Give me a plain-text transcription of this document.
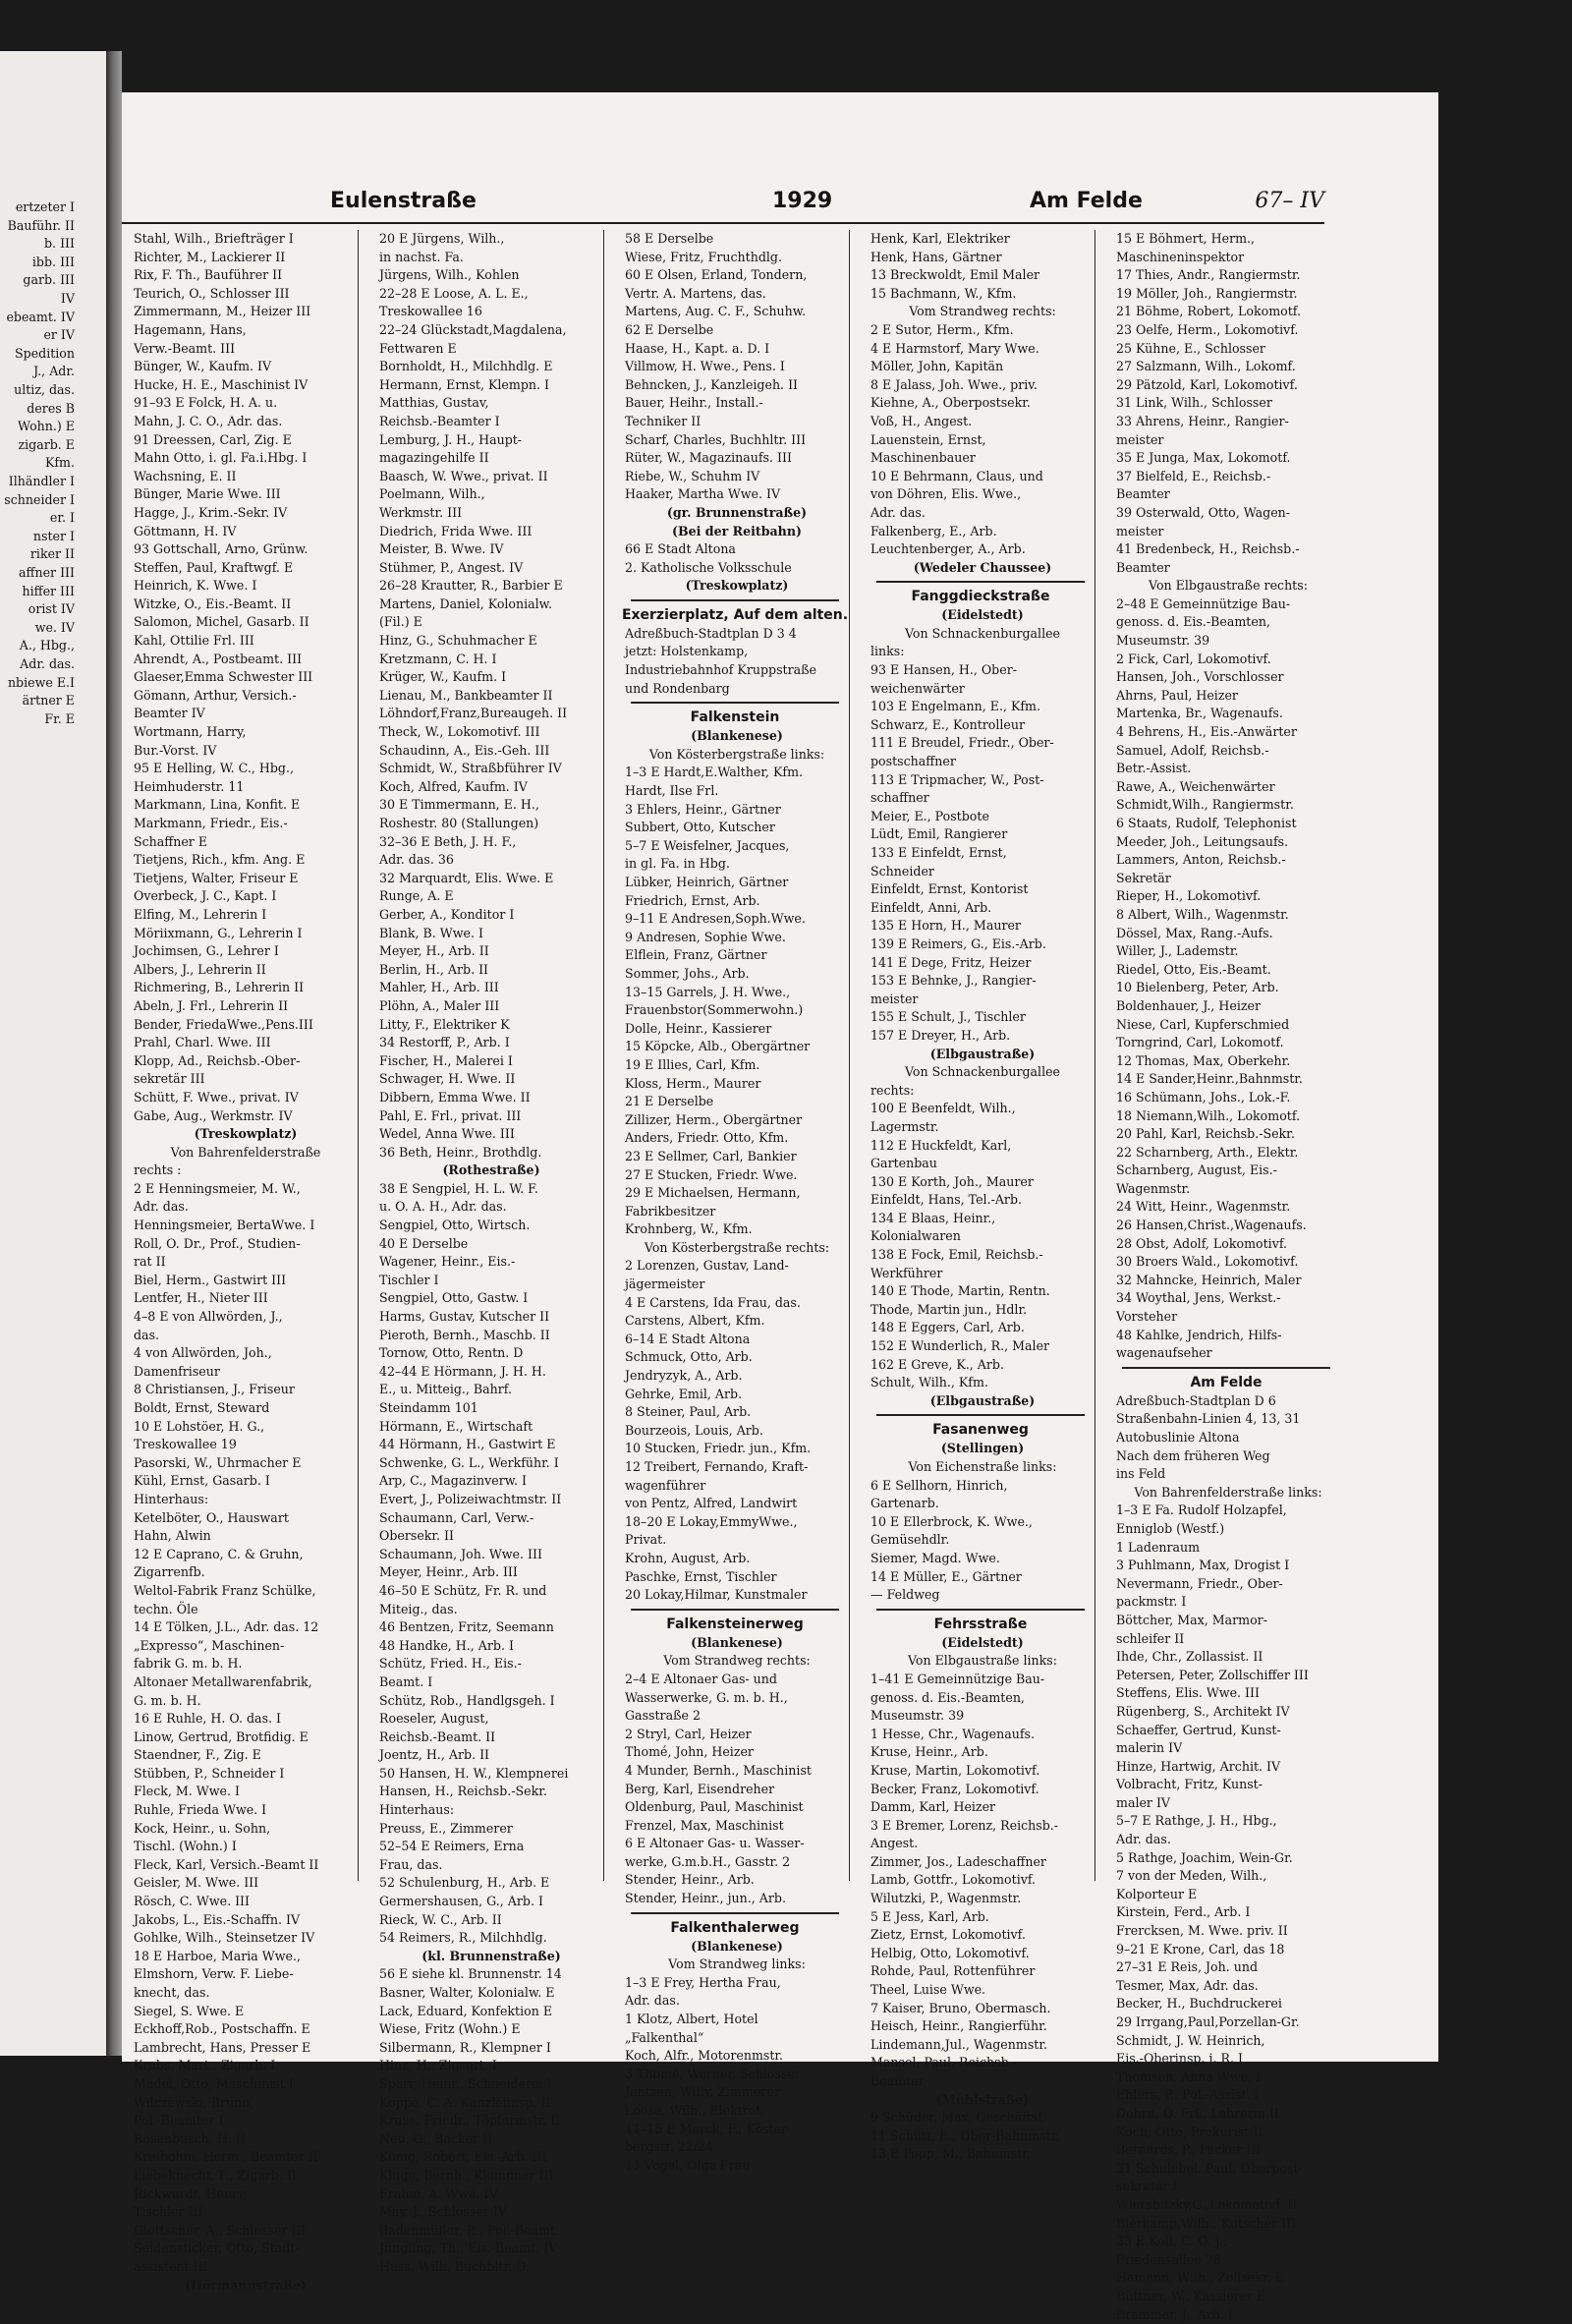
ertzeter I
Bauführ. II
b. III
ibb. III
garb. III
IV
ebeamt. IV
er IV
Spedition
J., Adr.
ultiz, das.
deres B
Wohn.) E
zigarb. E
Kfm.
Ilhändler I
schneider I
er. I
nster I
riker II
affner III
hiffer III
orist IV
we. IV
A., Hbg.,
Adr. das.
nbiewe E.I
ärtner E
Fr. E
Eulenstraße	1929	Am Felde	67– IV
Stahl, Wilh., Briefträger I
Richter, M., Lackierer II
Rix, F. Th., Bauführer II
Teurich, O., Schlosser III
Zimmermann, M., Heizer III
Hagemann, Hans,
Verw.-Beamt. III
Bünger, W., Kaufm. IV
Hucke, H. E., Maschinist IV
91–93 E Folck, H. A. u.
Mahn, J. C. O., Adr. das.
91 Dreessen, Carl, Zig. E
Mahn Otto, i. gl. Fa.i.Hbg. I
Wachsning, E. II
Bünger, Marie Wwe. III
Hagge, J., Krim.-Sekr. IV
Göttmann, H. IV
93 Gottschall, Arno, Grünw.
Steffen, Paul, Kraftwgf. E
Heinrich, K. Wwe. I
Witzke, O., Eis.-Beamt. II
Salomon, Michel, Gasarb. II
Kahl, Ottilie Frl. III
Ahrendt, A., Postbeamt. III
Glaeser,Emma Schwester III
Gömann, Arthur, Versich.-
Beamter IV
Wortmann, Harry,
Bur.-Vorst. IV
95 E Helling, W. C., Hbg.,
Heimhuderstr. 11
Markmann, Lina, Konfit. E
Markmann, Friedr., Eis.-
Schaffner E
Tietjens, Rich., kfm. Ang. E
Tietjens, Walter, Friseur E
Overbeck, J. C., Kapt. I
Elfing, M., Lehrerin I
Möriixmann, G., Lehrerin I
Jochimsen, G., Lehrer I
Albers, J., Lehrerin II
Richmering, B., Lehrerin II
Abeln, J. Frl., Lehrerin II
Bender, FriedaWwe.,Pens.III
Prahl, Charl. Wwe. III
Klopp, Ad., Reichsb.-Ober-
sekretär III
Schütt, F. Wwe., privat. IV
Gabe, Aug., Werkmstr. IV
(Treskowplatz)
Von Bahrenfelderstraße
rechts :
2 E Henningsmeier, M. W.,
Adr. das.
Henningsmeier, BertaWwe. I
Roll, O. Dr., Prof., Studien-
rat II
Biel, Herm., Gastwirt III
Lentfer, H., Nieter III
4–8 E von Allwörden, J.,
das.
4 von Allwörden, Joh.,
Damenfriseur
8 Christiansen, J., Friseur
Boldt, Ernst, Steward
10 E Lohstöer, H. G.,
Treskowallee 19
Pasorski, W., Uhrmacher E
Kühl, Ernst, Gasarb. I
Hinterhaus:
Ketelböter, O., Hauswart
Hahn, Alwin
12 E Caprano, C. & Gruhn,
Zigarrenfb.
Weltol-Fabrik Franz Schülke,
techn. Öle
14 E Tölken, J.L., Adr. das. 12
„Expresso“, Maschinen-
fabrik G. m. b. H.
Altonaer Metallwarenfabrik,
G. m. b. H.
16 E Ruhle, H. O. das. I
Linow, Gertrud, Brotfidig. E
Staendner, F., Zig. E
Stübben, P., Schneider I
Fleck, M. Wwe. I
Ruhle, Frieda Wwe. I
Kock, Heinr., u. Sohn,
Tischl. (Wohn.) I
Fleck, Karl, Versich.-Beamt II
Geisler, M. Wwe. III
Rösch, C. Wwe. III
Jakobs, L., Eis.-Schaffn. IV
Gohlke, Wilh., Steinsetzer IV
18 E Harboe, Maria Wwe.,
Elmshorn, Verw. F. Liebe-
knecht, das.
Siegel, S. Wwe. E
Eckhoff,Rob., Postschaffn. E
Lambrecht, Hans, Presser E
Krabs, Mart., Zigarb. I
Madel, Otto, Maschinist I
Wilczewski, Bruno,
Pol.-Beamter I
Rosenbusch, H. II
Kreibohm, Herm., Beamter II
Liebeknecht, F., Zigarb. II
Rickwardt, Henry,
Tischler III
Glottscher, A., Schlosser III
Seidensticker, Otto, Stadt-
assistent III
(Hörmannstraße)
20 E Jürgens, Wilh.,
in nachst. Fa.
Jürgens, Wilh., Kohlen
22–28 E Loose, A. L. E.,
Treskowallee 16
22–24 Glückstadt,Magdalena,
Fettwaren E
Bornholdt, H., Milchhdlg. E
Hermann, Ernst, Klempn. I
Matthias, Gustav,
Reichsb.-Beamter I
Lemburg, J. H., Haupt-
magazingehilfe II
Baasch, W. Wwe., privat. II
Poelmann, Wilh.,
Werkmstr. III
Diedrich, Frida Wwe. III
Meister, B. Wwe. IV
Stühmer, P., Angest. IV
26–28 Krautter, R., Barbier E
Martens, Daniel, Kolonialw.
(Fil.) E
Hinz, G., Schuhmacher E
Kretzmann, C. H. I
Krüger, W., Kaufm. I
Lienau, M., Bankbeamter II
Löhndorf,Franz,Bureaugeh. II
Theck, W., Lokomotivf. III
Schaudinn, A., Eis.-Geh. III
Schmidt, W., Straßbführer IV
Koch, Alfred, Kaufm. IV
30 E Timmermann, E. H.,
Roshestr. 80 (Stallungen)
32–36 E Beth, J. H. F.,
Adr. das. 36
32 Marquardt, Elis. Wwe. E
Runge, A. E
Gerber, A., Konditor I
Blank, B. Wwe. I
Meyer, H., Arb. II
Berlin, H., Arb. II
Mahler, H., Arb. III
Plöhn, A., Maler III
Litty, F., Elektriker K
34 Restorff, P., Arb. I
Fischer, H., Malerei I
Schwager, H. Wwe. II
Dibbern, Emma Wwe. II
Pahl, E. Frl., privat. III
Wedel, Anna Wwe. III
36 Beth, Heinr., Brothdlg.
(Rothestraße)
38 E Sengpiel, H. L. W. F.
u. O. A. H., Adr. das.
Sengpiel, Otto, Wirtsch.
40 E Derselbe
Wagener, Heinr., Eis.-
Tischler I
Sengpiel, Otto, Gastw. I
Harms, Gustav, Kutscher II
Pieroth, Bernh., Maschb. II
Tornow, Otto, Rentn. D
42–44 E Hörmann, J. H. H.
E., u. Mitteig., Bahrf.
Steindamm 101
Hörmann, E., Wirtschaft
44 Hörmann, H., Gastwirt E
Schwenke, G. L., Werkführ. I
Arp, C., Magazinverw. I
Evert, J., Polizeiwachtmstr. II
Schaumann, Carl, Verw.-
Obersekr. II
Schaumann, Joh. Wwe. III
Meyer, Heinr., Arb. III
46–50 E Schütz, Fr. R. und
Miteig., das.
46 Bentzen, Fritz, Seemann
48 Handke, H., Arb. I
Schütz, Fried. H., Eis.-
Beamt. I
Schütz, Rob., Handlgsgeh. I
Roeseler, August,
Reichsb.-Beamt. II
Joentz, H., Arb. II
50 Hansen, H. W., Klempnerei
Hansen, H., Reichsb.-Sekr.
Hinterhaus:
Preuss, E., Zimmerer
52–54 E Reimers, Erna
Frau, das.
52 Schulenburg, H., Arb. E
Germershausen, G., Arb. I
Rieck, W. C., Arb. II
54 Reimers, R., Milchhdlg.
(kl. Brunnenstraße)
56 E siehe kl. Brunnenstr. 14
Basner, Walter, Kolonialw. E
Lack, Eduard, Konfektion E
Wiese, Fritz (Wohn.) E
Silbermann, R., Klempner I
Hinz, H., Zigsort. I
Sparr, Heinr., Schneiderei I
Koppe, C. A. Kanzleiinsp. II
Kruse, Friedr., Töpfermstr. II
Neu, G., Bäcker II
König, Robert, Eis.-Arb. III
Kluge, Bernh., Klempner III
Frahm, A. Wwe. IV
May, J., Schlosser IV
Badenmüller, R., Pol.-Beamt.
Jüngling, Th., Eis.-Beamt. IV
Huss, Willi, Buchbltr. D
58 E Derselbe
Wiese, Fritz, Fruchthdlg.
60 E Olsen, Erland, Tondern,
Vertr. A. Martens, das.
Martens, Aug. C. F., Schuhw.
62 E Derselbe
Haase, H., Kapt. a. D. I
Villmow, H. Wwe., Pens. I
Behncken, J., Kanzleigeh. II
Bauer, Heihr., Install.-
Techniker II
Scharf, Charles, Buchhltr. III
Rüter, W., Magazinaufs. III
Riebe, W., Schuhm IV
Haaker, Martha Wwe. IV
(gr. Brunnenstraße)
(Bei der Reitbahn)
66 E Stadt Altona
2. Katholische Volksschule
(Treskowplatz)
Exerzierplatz, Auf dem alten.
Adreßbuch-Stadtplan D 3 4
jetzt: Holstenkamp,
Industriebahnhof Kruppstraße
und Rondenbarg
Falkenstein
(Blankenese)
Von Kösterbergstraße links:
1–3 E Hardt,E.Walther, Kfm.
Hardt, Ilse Frl.
3 Ehlers, Heinr., Gärtner
Subbert, Otto, Kutscher
5–7 E Weisfelner, Jacques,
in gl. Fa. in Hbg.
Lübker, Heinrich, Gärtner
Friedrich, Ernst, Arb.
9–11 E Andresen,Soph.Wwe.
9 Andresen, Sophie Wwe.
Elflein, Franz, Gärtner
Sommer, Johs., Arb.
13–15 Garrels, J. H. Wwe.,
Frauenbstor(Sommerwohn.)
Dolle, Heinr., Kassierer
15 Köpcke, Alb., Obergärtner
19 E Illies, Carl, Kfm.
Kloss, Herm., Maurer
21 E Derselbe
Zillizer, Herm., Obergärtner
Anders, Friedr. Otto, Kfm.
23 E Sellmer, Carl, Bankier
27 E Stucken, Friedr. Wwe.
29 E Michaelsen, Hermann,
Fabrikbesitzer
Krohnberg, W., Kfm.
Von Kösterbergstraße rechts:
2 Lorenzen, Gustav, Land-
jägermeister
4 E Carstens, Ida Frau, das.
Carstens, Albert, Kfm.
6–14 E Stadt Altona
Schmuck, Otto, Arb.
Jendryzyk, A., Arb.
Gehrke, Emil, Arb.
8 Steiner, Paul, Arb.
Bourzeois, Louis, Arb.
10 Stucken, Friedr. jun., Kfm.
12 Treibert, Fernando, Kraft-
wagenführer
von Pentz, Alfred, Landwirt
18–20 E Lokay,EmmyWwe.,
Privat.
Krohn, August, Arb.
Paschke, Ernst, Tischler
20 Lokay,Hilmar, Kunstmaler
Falkensteinerweg
(Blankenese)
Vom Strandweg rechts:
2–4 E Altonaer Gas- und
Wasserwerke, G. m. b. H.,
Gasstraße 2
2 Stryl, Carl, Heizer
Thomé, John, Heizer
4 Munder, Bernh., Maschinist
Berg, Karl, Eisendreher
Oldenburg, Paul, Maschinist
Frenzel, Max, Maschinist
6 E Altonaer Gas- u. Wasser-
werke, G.m.b.H., Gasstr. 2
Stender, Heinr., Arb.
Stender, Heinr., jun., Arb.
Falkenthalerweg
(Blankenese)
Vom Strandweg links:
1–3 E Frey, Hertha Frau,
Adr. das.
1 Klotz, Albert, Hotel
„Falkenthal“
Koch, Alfr., Motorenmstr.
3 Thomé, Werner, Schlosser
Jantzen, Willy, Zimmerer
Loose, Wilh., Elektrot.
11–15 E Merck, F., Köster-
bergstr. 22/24
11 Vogel, Olga Frau
Henk, Karl, Elektriker
Henk, Hans, Gärtner
13 Breckwoldt, Emil Maler
15 Bachmann, W., Kfm.
Vom Strandweg rechts:
2 E Sutor, Herm., Kfm.
4 E Harmstorf, Mary Wwe.
Möller, John, Kapitän
8 E Jalass, Joh. Wwe., priv.
Kiehne, A., Oberpostsekr.
Voß, H., Angest.
Lauenstein, Ernst,
Maschinenbauer
10 E Behrmann, Claus, und
von Döhren, Elis. Wwe.,
Adr. das.
Falkenberg, E., Arb.
Leuchtenberger, A., Arb.
(Wedeler Chaussee)
Fanggdieckstraße
(Eidelstedt)
Von Schnackenburgallee
links:
93 E Hansen, H., Ober-
weichenwärter
103 E Engelmann, E., Kfm.
Schwarz, E., Kontrolleur
111 E Breudel, Friedr., Ober-
postschaffner
113 E Tripmacher, W., Post-
schaffner
Meier, E., Postbote
Lüdt, Emil, Rangierer
133 E Einfeldt, Ernst,
Schneider
Einfeldt, Ernst, Kontorist
Einfeldt, Anni, Arb.
135 E Horn, H., Maurer
139 E Reimers, G., Eis.-Arb.
141 E Dege, Fritz, Heizer
153 E Behnke, J., Rangier-
meister
155 E Schult, J., Tischler
157 E Dreyer, H., Arb.
(Elbgaustraße)
Von Schnackenburgallee
rechts:
100 E Beenfeldt, Wilh.,
Lagermstr.
112 E Huckfeldt, Karl,
Gartenbau
130 E Korth, Joh., Maurer
Einfeldt, Hans, Tel.-Arb.
134 E Blaas, Heinr.,
Kolonialwaren
138 E Fock, Emil, Reichsb.-
Werkführer
140 E Thode, Martin, Rentn.
Thode, Martin jun., Hdlr.
148 E Eggers, Carl, Arb.
152 E Wunderlich, R., Maler
162 E Greve, K., Arb.
Schult, Wilh., Kfm.
(Elbgaustraße)
Fasanenweg
(Stellingen)
Von Eichenstraße links:
6 E Sellhorn, Hinrich,
Gartenarb.
10 E Ellerbrock, K. Wwe.,
Gemüsehdlr.
Siemer, Magd. Wwe.
14 E Müller, E., Gärtner
— Feldweg
Fehrsstraße
(Eidelstedt)
Von Elbgaustraße links:
1–41 E Gemeinnützige Bau-
genoss. d. Eis.-Beamten,
Museumstr. 39
1 Hesse, Chr., Wagenaufs.
Kruse, Heinr., Arb.
Kruse, Martin, Lokomotivf.
Becker, Franz, Lokomotivf.
Damm, Karl, Heizer
3 E Bremer, Lorenz, Reichsb.-
Angest.
Zimmer, Jos., Ladeschaffner
Lamb, Gottfr., Lokomotivf.
Wilutzki, P., Wagenmstr.
5 E Jess, Karl, Arb.
Zietz, Ernst, Lokomotivf.
Helbig, Otto, Lokomotivf.
Rohde, Paul, Rottenführer
Theel, Luise Wwe.
7 Kaiser, Bruno, Obermasch.
Heisch, Heinr., Rangierführ.
Lindemann,Jul., Wagenmstr.
Mansel, Paul, Reichsb.-
Beamter
(Mühlstraße)
9 Schüder, Max, Geschäftsf.
11 Schütt, E., Ober-Bahnmstr.
13 E Popp, M., Bahnmstr.
15 E Böhmert, Herm.,
Maschineninspektor
17 Thies, Andr., Rangiermstr.
19 Möller, Joh., Rangiermstr.
21 Böhme, Robert, Lokomotf.
23 Oelfe, Herm., Lokomotivf.
25 Kühne, E., Schlosser
27 Salzmann, Wilh., Lokomf.
29 Pätzold, Karl, Lokomotivf.
31 Link, Wilh., Schlosser
33 Ahrens, Heinr., Rangier-
meister
35 E Junga, Max, Lokomotf.
37 Bielfeld, E., Reichsb.-
Beamter
39 Osterwald, Otto, Wagen-
meister
41 Bredenbeck, H., Reichsb.-
Beamter
Von Elbgaustraße rechts:
2–48 E Gemeinnützige Bau-
genoss. d. Eis.-Beamten,
Museumstr. 39
2 Fick, Carl, Lokomotivf.
Hansen, Joh., Vorschlosser
Ahrns, Paul, Heizer
Martenka, Br., Wagenaufs.
4 Behrens, H., Eis.-Anwärter
Samuel, Adolf, Reichsb.-
Betr.-Assist.
Rawe, A., Weichenwärter
Schmidt,Wilh., Rangiermstr.
6 Staats, Rudolf, Telephonist
Meeder, Joh., Leitungsaufs.
Lammers, Anton, Reichsb.-
Sekretär
Rieper, H., Lokomotivf.
8 Albert, Wilh., Wagenmstr.
Dössel, Max, Rang.-Aufs.
Willer, J., Lademstr.
Riedel, Otto, Eis.-Beamt.
10 Bielenberg, Peter, Arb.
Boldenhauer, J., Heizer
Niese, Carl, Kupferschmied
Torngrind, Carl, Lokomotf.
12 Thomas, Max, Oberkehr.
14 E Sander,Heinr.,Bahnmstr.
16 Schümann, Johs., Lok.-F.
18 Niemann,Wilh., Lokomotf.
20 Pahl, Karl, Reichsb.-Sekr.
22 Scharnberg, Arth., Elektr.
Scharnberg, August, Eis.-
Wagenmstr.
24 Witt, Heinr., Wagenmstr.
26 Hansen,Christ.,Wagenaufs.
28 Obst, Adolf, Lokomotivf.
30 Broers Wald., Lokomotivf.
32 Mahncke, Heinrich, Maler
34 Woythal, Jens, Werkst.-
Vorsteher
48 Kahlke, Jendrich, Hilfs-
wagenaufseher
Am Felde
Adreßbuch-Stadtplan D 6
Straßenbahn-Linien 4, 13, 31
Autobuslinie Altona
Nach dem früheren Weg
ins Feld
Von Bahrenfelderstraße links:
1–3 E Fa. Rudolf Holzapfel,
Enniglob (Westf.)
1 Ladenraum
3 Puhlmann, Max, Drogist I
Nevermann, Friedr., Ober-
packmstr. I
Böttcher, Max, Marmor-
schleifer II
Ihde, Chr., Zollassist. II
Petersen, Peter, Zollschiffer III
Steffens, Elis. Wwe. III
Rügenberg, S., Architekt IV
Schaeffer, Gertrud, Kunst-
malerin IV
Hinze, Hartwig, Archit. IV
Volbracht, Fritz, Kunst-
maler IV
5–7 E Rathge, J. H., Hbg.,
Adr. das.
5 Rathge, Joachim, Wein-Gr.
7 von der Meden, Wilh.,
Kolporteur E
Kirstein, Ferd., Arb. I
Frercksen, M. Wwe. priv. II
9–21 E Krone, Carl, das 18
27–31 E Reis, Joh. und
Tesmer, Max, Adr. das.
Becker, H., Buchdruckerei
29 Irrgang,Paul,Porzellan-Gr.
Schmidt, J. W. Heinrich,
Eis.-Oberinsp. i. R. I
Thomsen, Anna Wwe. I
Ehlers, P., Pol.-Assist. I
Dohrn, O. Frl., Lehrerin II
Koch, Otto, Prokurist II
Bernards, P., Packer III
31 Schulebel, Paul, Oberpost-
sekretär I
Wiersbitzky,G.,Lokomotivf. II
Bierkamp,Wilh., Kutscher III
33 E Koll, C. O. J.,
Friedensallee 78
Hamann, Wilh., Zollsekr. E
Büttner, W., Kassierer E
Brammer, J., Arb. I
